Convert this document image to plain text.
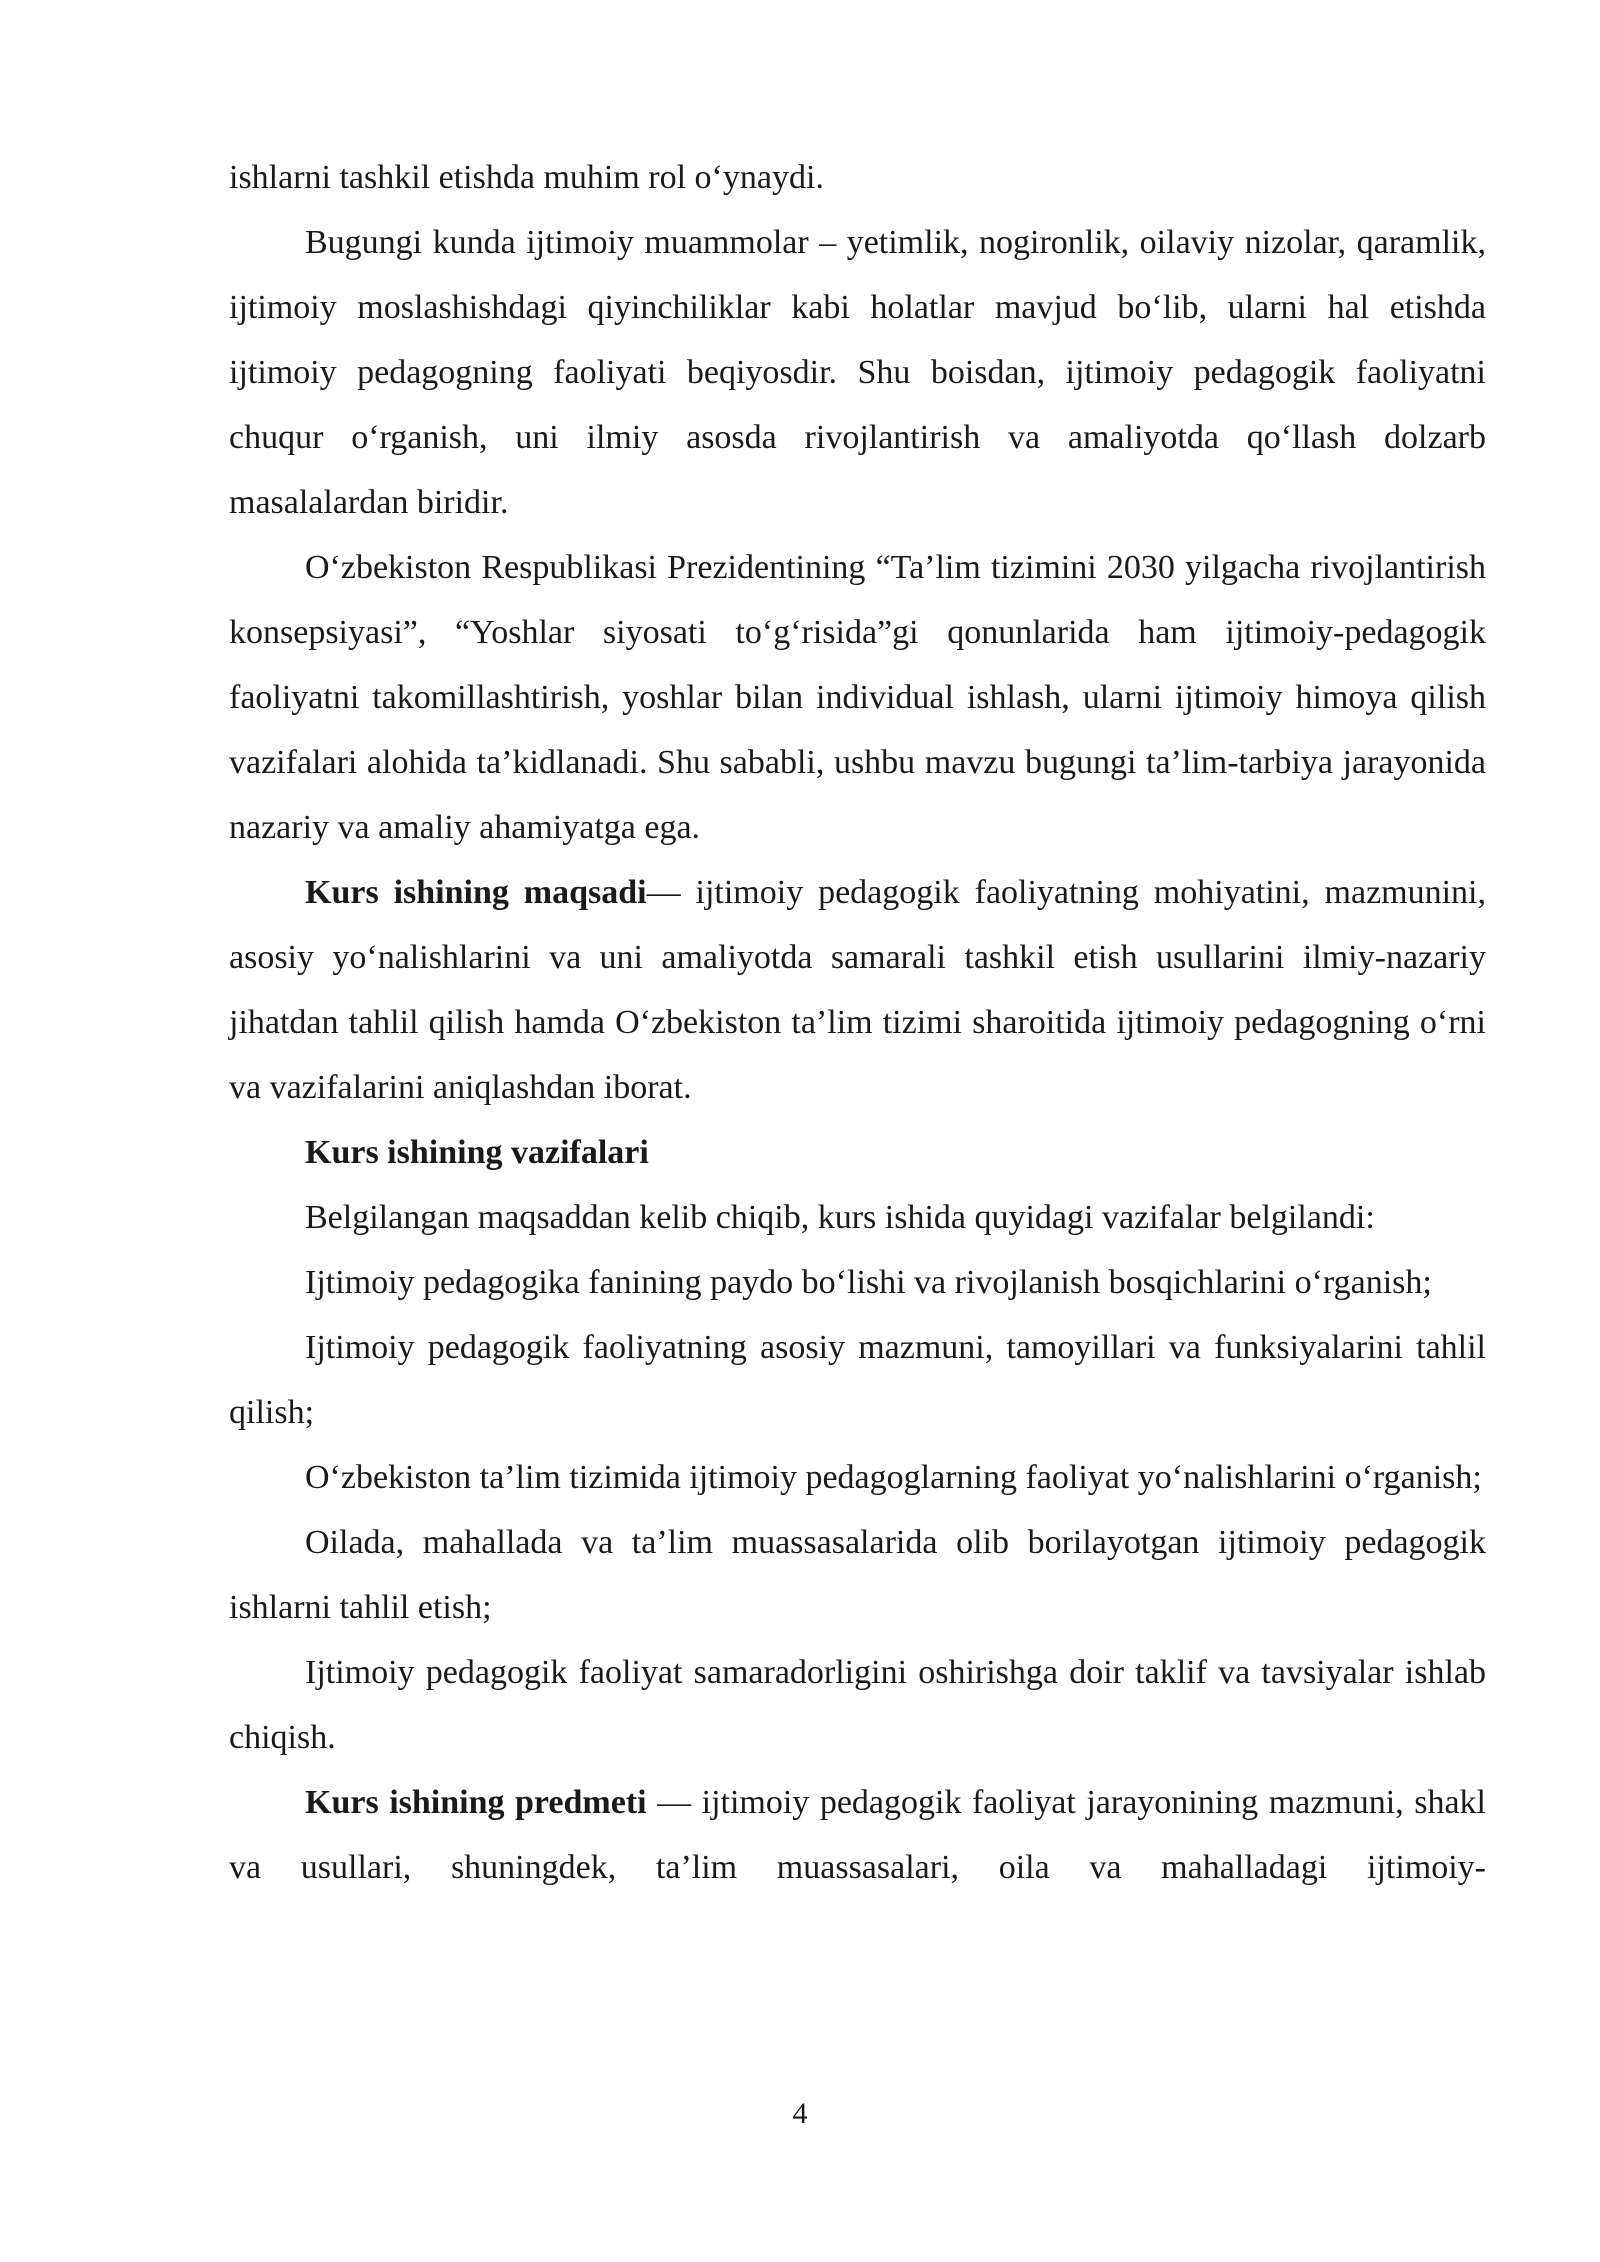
ishlarni tashkil etishda muhim rol o‘ynaydi.

Bugungi kunda ijtimoiy muammolar – yetimlik, nogironlik, oilaviy nizolar, qaramlik, ijtimoiy moslashishdagi qiyinchiliklar kabi holatlar mavjud bo‘lib, ularni hal etishda ijtimoiy pedagogning faoliyati beqiyosdir. Shu boisdan, ijtimoiy pedagogik faoliyatni chuqur o‘rganish, uni ilmiy asosda rivojlantirish va amaliyotda qo‘llash dolzarb masalalardan biridir.

O‘zbekiston Respublikasi Prezidentining “Ta’lim tizimini 2030 yilgacha rivojlantirish konsepsiyasi”, “Yoshlar siyosati to‘g‘risida”gi qonunlarida ham ijtimoiy-pedagogik faoliyatni takomillashtirish, yoshlar bilan individual ishlash, ularni ijtimoiy himoya qilish vazifalari alohida ta’kidlanadi. Shu sababli, ushbu mavzu bugungi ta’lim-tarbiya jarayonida nazariy va amaliy ahamiyatga ega.

Kurs ishining maqsadi— ijtimoiy pedagogik faoliyatning mohiyatini, mazmunini, asosiy yo‘nalishlarini va uni amaliyotda samarali tashkil etish usullarini ilmiy-nazariy jihatdan tahlil qilish hamda O‘zbekiston ta’lim tizimi sharoitida ijtimoiy pedagogning o‘rni va vazifalarini aniqlashdan iborat.

Kurs ishining vazifalari

Belgilangan maqsaddan kelib chiqib, kurs ishida quyidagi vazifalar belgilandi:

Ijtimoiy pedagogika fanining paydo bo‘lishi va rivojlanish bosqichlarini o‘rganish;

Ijtimoiy pedagogik faoliyatning asosiy mazmuni, tamoyillari va funksiyalarini tahlil qilish;

O‘zbekiston ta’lim tizimida ijtimoiy pedagoglarning faoliyat yo‘nalishlarini o‘rganish;

Oilada, mahallada va ta’lim muassasalarida olib borilayotgan ijtimoiy pedagogik ishlarni tahlil etish;

Ijtimoiy pedagogik faoliyat samaradorligini oshirishga doir taklif va tavsiyalar ishlab chiqish.

Kurs ishining predmeti — ijtimoiy pedagogik faoliyat jarayonining mazmuni, shakl va usullari, shuningdek, ta’lim muassasalari, oila va mahalladagi ijtimoiy-

4
